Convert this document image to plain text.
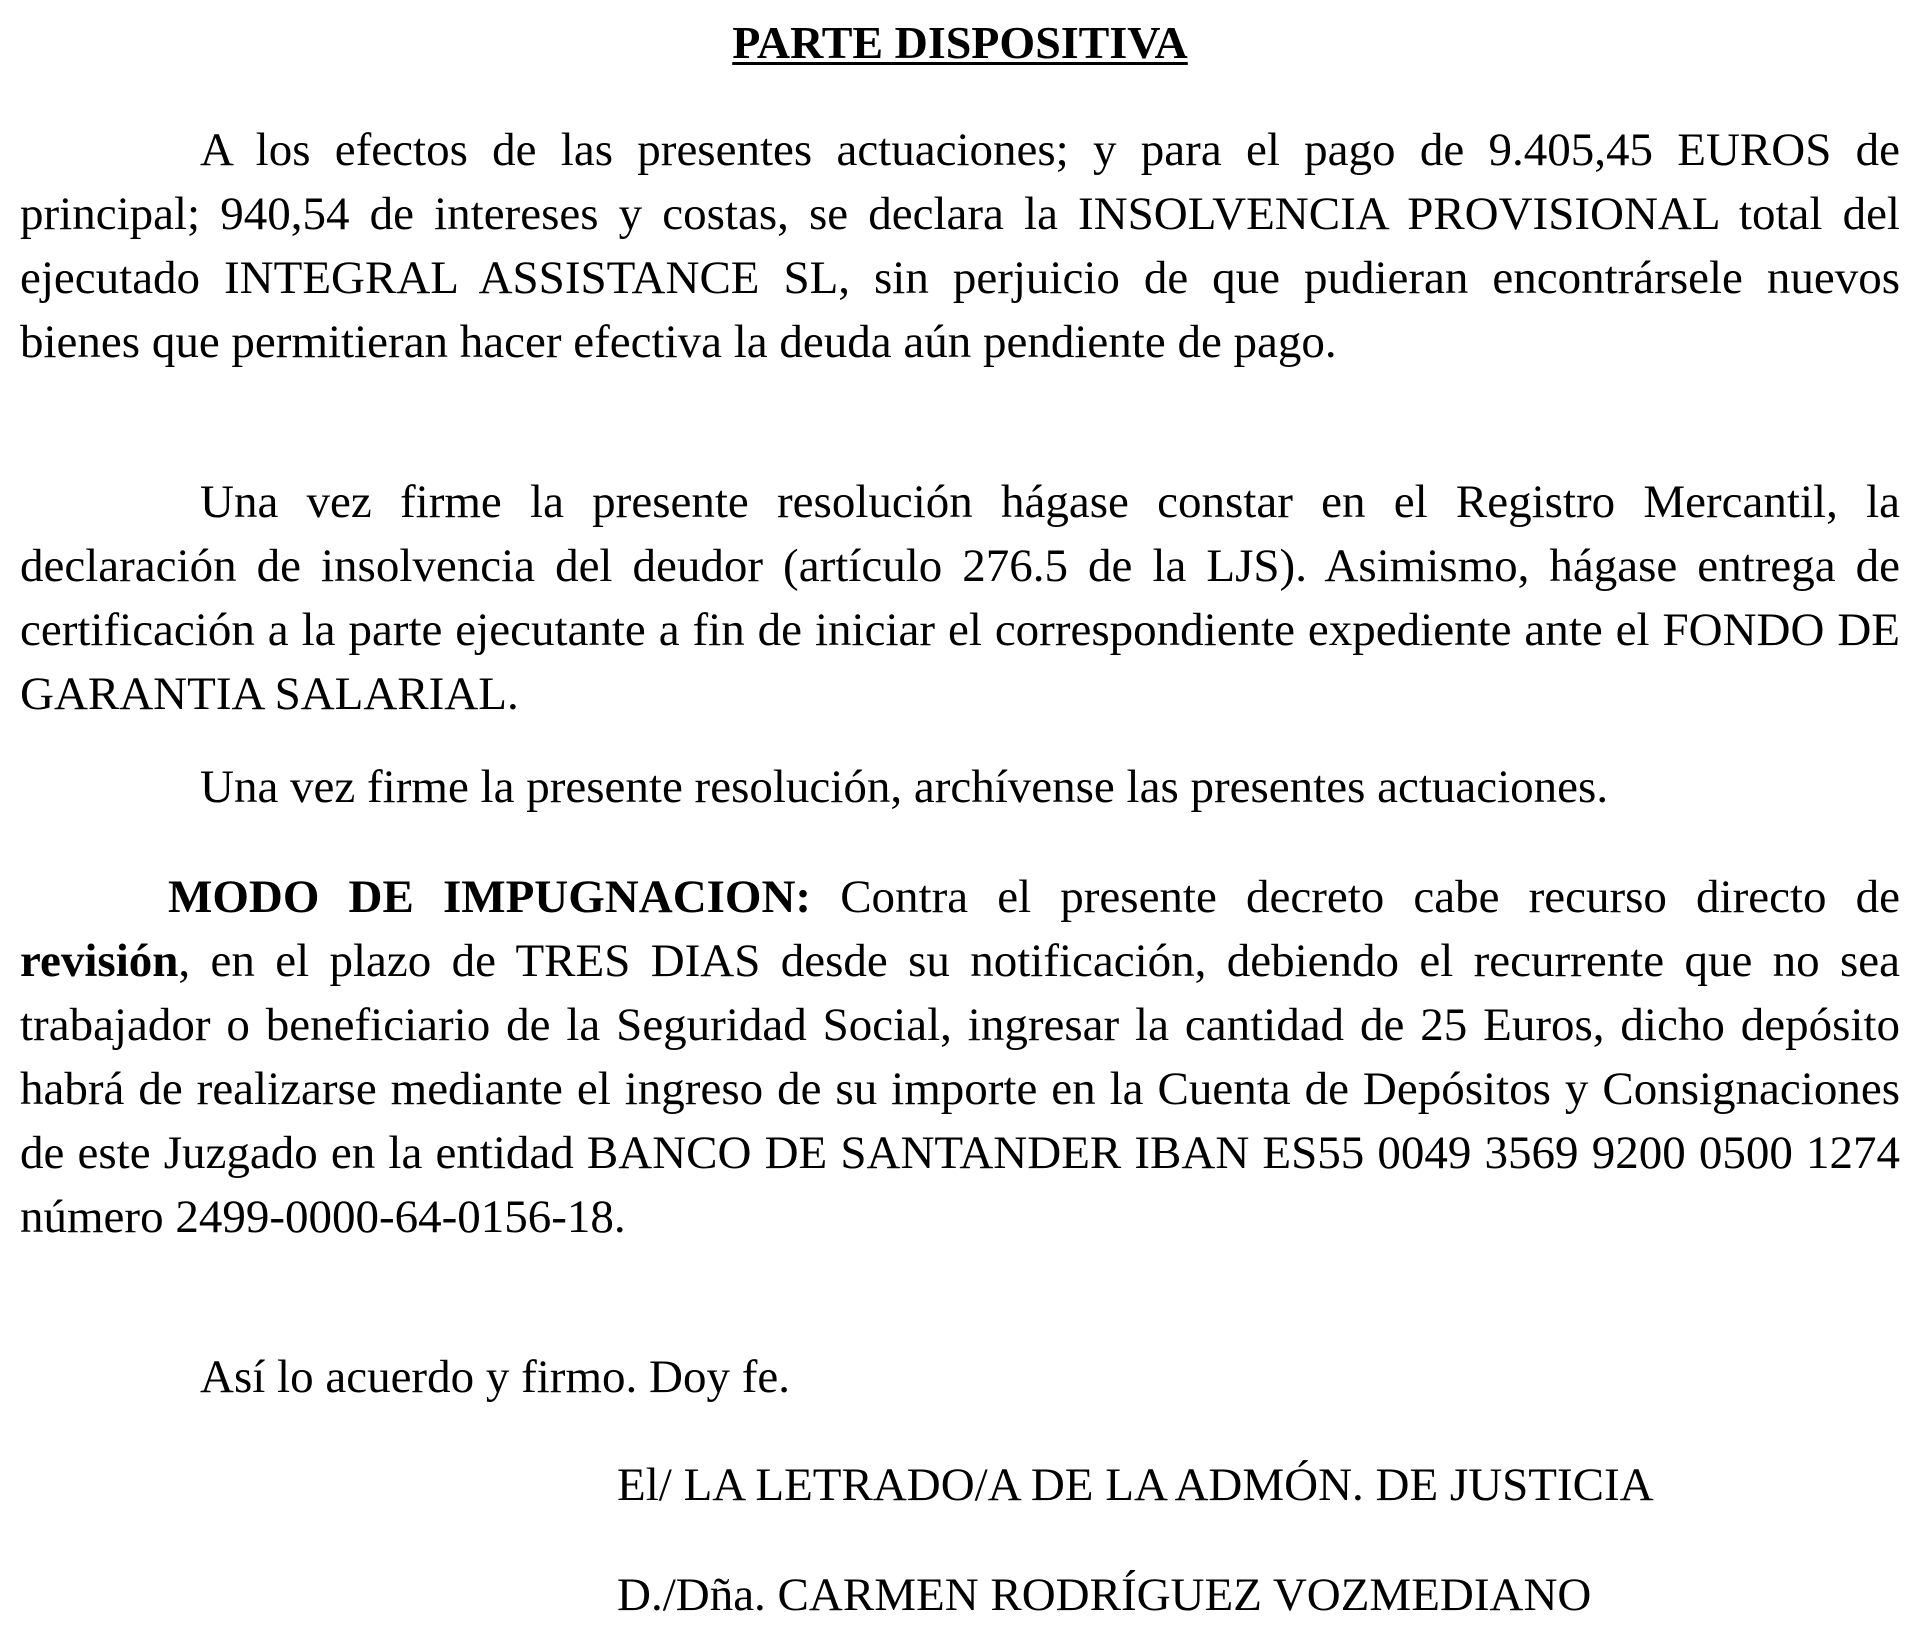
PARTE DISPOSITIVA

A los efectos de las presentes actuaciones; y para el pago de 9.405,45 EUROS de principal; 940,54 de intereses y costas, se declara la INSOLVENCIA PROVISIONAL total del ejecutado INTEGRAL ASSISTANCE SL, sin perjuicio de que pudieran encontrársele nuevos bienes que permitieran hacer efectiva la deuda aún pendiente de pago.

Una vez firme la presente resolución hágase constar en el Registro Mercantil, la declaración de insolvencia del deudor (artículo 276.5 de la LJS). Asimismo, hágase entrega de certificación a la parte ejecutante a fin de iniciar el correspondiente expediente ante el FONDO DE GARANTIA SALARIAL.

Una vez firme la presente resolución, archívense las presentes actuaciones.

MODO DE IMPUGNACION: Contra el presente decreto cabe recurso directo de revisión, en el plazo de TRES DIAS desde su notificación, debiendo el recurrente que no sea trabajador o beneficiario de la Seguridad Social, ingresar la cantidad de 25 Euros, dicho depósito habrá de realizarse mediante el ingreso de su importe en la Cuenta de Depósitos y Consignaciones de este Juzgado en la entidad BANCO DE SANTANDER IBAN ES55 0049 3569 9200 0500 1274 número 2499-0000-64-0156-18.

Así lo acuerdo y firmo. Doy fe.

El/ LA LETRADO/A DE LA ADMÓN. DE JUSTICIA

D./Dña. CARMEN RODRÍGUEZ VOZMEDIANO
